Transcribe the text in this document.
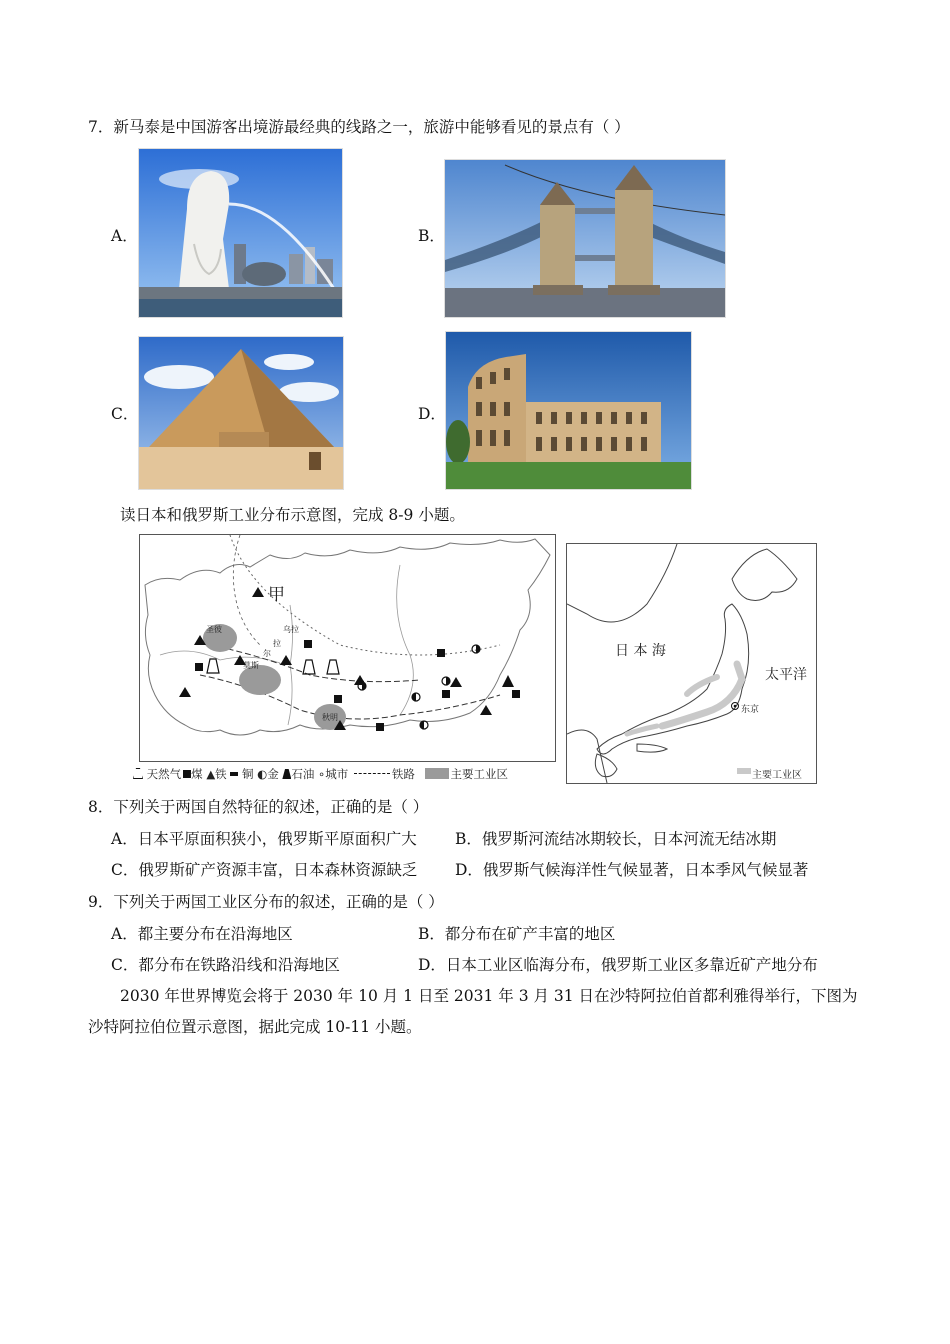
7．新马泰是中国游客出境游最经典的线路之一，旅游中能够看见的景点有（ ）
A．	B．
C．	D．
读日本和俄罗斯工业分布示意图，完成 8-9 小题。
甲
圣彼	乌拉
拉
尔
莫斯
秋明
天然气 煤 ▲铁 铜 ◐金 石油 ∘城市	铁路	主要工业区
日 本 海
太平洋
东京
主要工业区
8．下列关于两国自然特征的叙述，正确的是（ ）
A．日本平原面积狭小，俄罗斯平原面积广大 B．俄罗斯河流结冰期较长，日本河流无结冰期
C．俄罗斯矿产资源丰富，日本森林资源缺乏 D．俄罗斯气候海洋性气候显著，日本季风气候显著
9．下列关于两国工业区分布的叙述，正确的是（ ）
A．都主要分布在沿海地区	B．都分布在矿产丰富的地区
C．都分布在铁路沿线和沿海地区	D．日本工业区临海分布，俄罗斯工业区多靠近矿产地分布
2030 年世界博览会将于 2030 年 10 月 1 日至 2031 年 3 月 31 日在沙特阿拉伯首都利雅得举行，下图为
沙特阿拉伯位置示意图，据此完成 10-11 小题。
